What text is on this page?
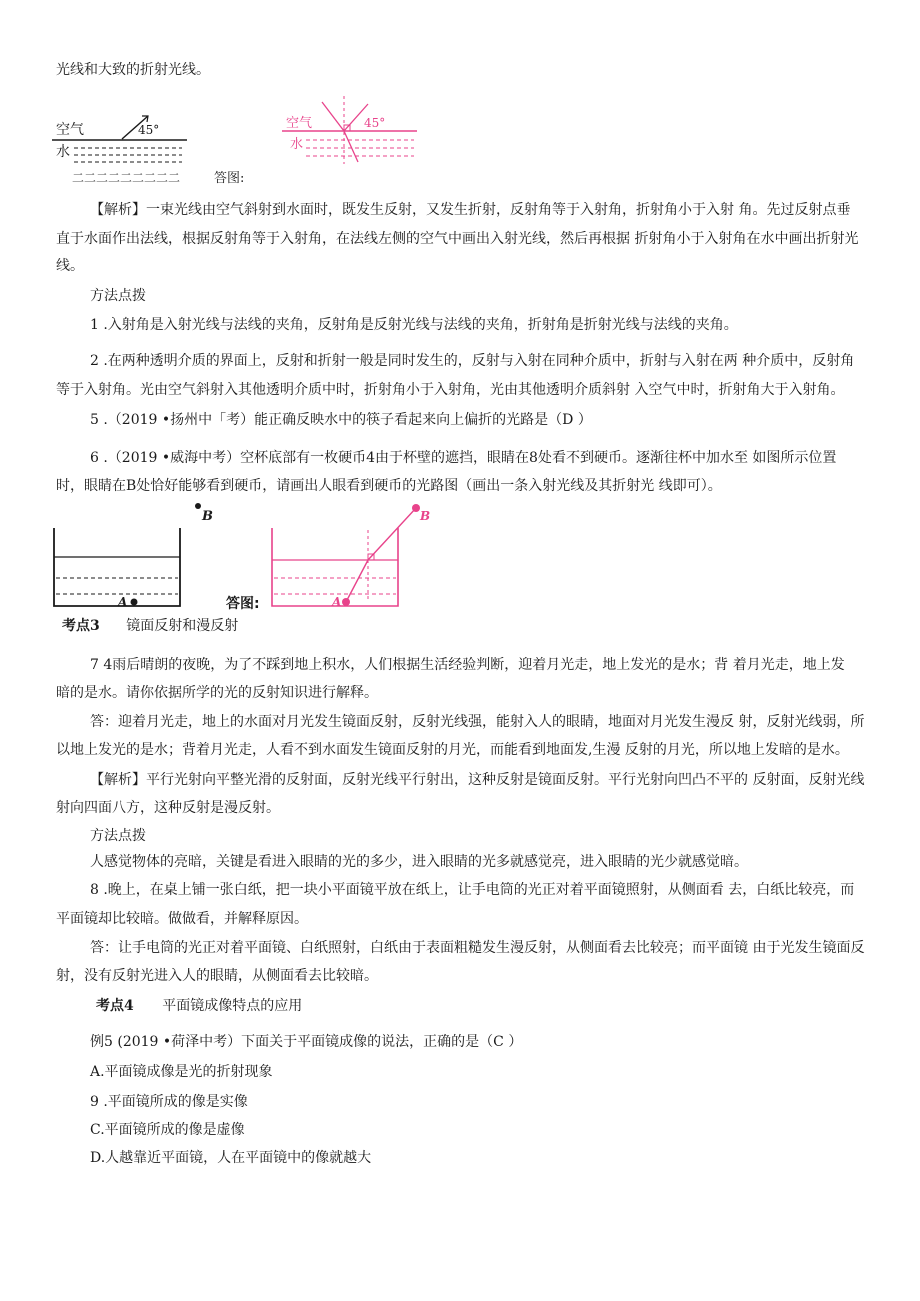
光线和大致的折射光线。
空气	45°
水
二二二二二二二二二	答图:
空气	45°
水
【解析】一束光线由空气斜射到水面时，既发生反射，又发生折射，反射角等于入射角，折射角小于入射 角。先过反射点垂
直于水面作出法线，根据反射角等于入射角，在法线左侧的空气中画出入射光线，然后再根据 折射角小于入射角在水中画出折射光
线。
方法点拨
1 .入射角是入射光线与法线的夹角，反射角是反射光线与法线的夹角，折射角是折射光线与法线的夹角。
2 .在两种透明介质的界面上，反射和折射一般是同时发生的，反射与入射在同种介质中，折射与入射在两 种介质中，反射角
等于入射角。光由空气斜射入其他透明介质中时，折射角小于入射角，光由其他透明介质斜射 入空气中时，折射角大于入射角。
5 .（2019 •扬州中「考）能正确反映水中的筷子看起来向上偏折的光路是（D ）
6 .（2019 •威海中考）空杯底部有一枚硬币4由于杯壁的遮挡，眼睛在8处看不到硬币。逐渐往杯中加水至 如图所示位置
时，眼睛在B处恰好能够看到硬币，请画出人眼看到硬币的光路图（画出一条入射光线及其折射光 线即可）。
B
A	答图:
B
A
考点3 镜面反射和漫反射
7 4雨后晴朗的夜晚，为了不踩到地上积水，人们根据生活经验判断，迎着月光走，地上发光的是水；背 着月光走，地上发
暗的是水。请你依据所学的光的反射知识进行解释。
答：迎着月光走，地上的水面对月光发生镜面反射，反射光线强，能射入人的眼睛，地面对月光发生漫反 射，反射光线弱，所
以地上发光的是水；背着月光走，人看不到水面发生镜面反射的月光，而能看到地面发,生漫 反射的月光，所以地上发暗的是水。
【解析】平行光射向平整光滑的反射面，反射光线平行射出，这种反射是镜面反射。平行光射向凹凸不平的 反射面，反射光线
射向四面八方，这种反射是漫反射。
方法点拨
人感觉物体的亮暗，关键是看进入眼睛的光的多少，进入眼睛的光多就感觉亮，进入眼睛的光少就感觉暗。
8 .晚上，在桌上铺一张白纸，把一块小平面镜平放在纸上，让手电筒的光正对着平面镜照射，从侧面看 去，白纸比较亮，而
平面镜却比较暗。做做看，并解释原因。
答：让手电筒的光正对着平面镜、白纸照射，白纸由于表面粗糙发生漫反射，从侧面看去比较亮；而平面镜 由于光发生镜面反
射，没有反射光进入人的眼睛，从侧面看去比较暗。
考点4 平面镜成像特点的应用
例5 (2019 •荷泽中考）下面关于平面镜成像的说法，正确的是（C ）
A.平面镜成像是光的折射现象
9 .平面镜所成的像是实像
C.平面镜所成的像是虚像
D.人越靠近平面镜，人在平面镜中的像就越大
